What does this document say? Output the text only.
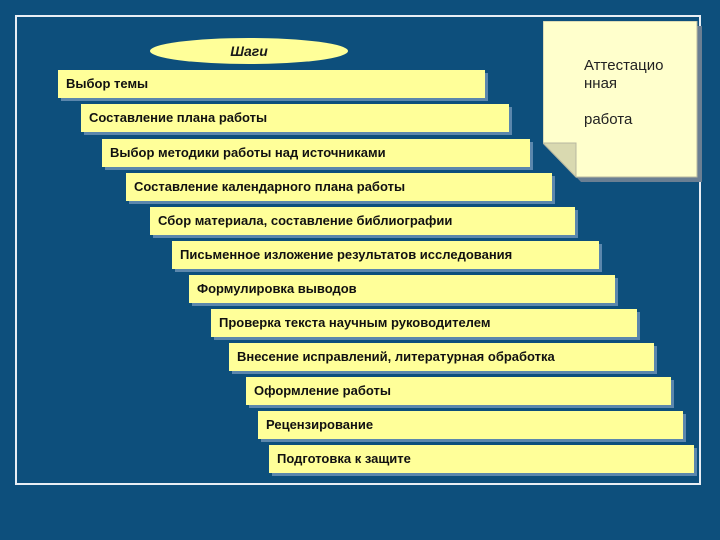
Шаги
Аттестацио
нная
работа
Выбор темы
Составление плана работы
Выбор методики работы над источниками
Составление календарного плана работы
Сбор материала, составление библиографии
Письменное изложение результатов исследования
Формулировка выводов
Проверка текста научным руководителем
Внесение исправлений, литературная обработка
Оформление работы
Рецензирование
Подготовка к защите
